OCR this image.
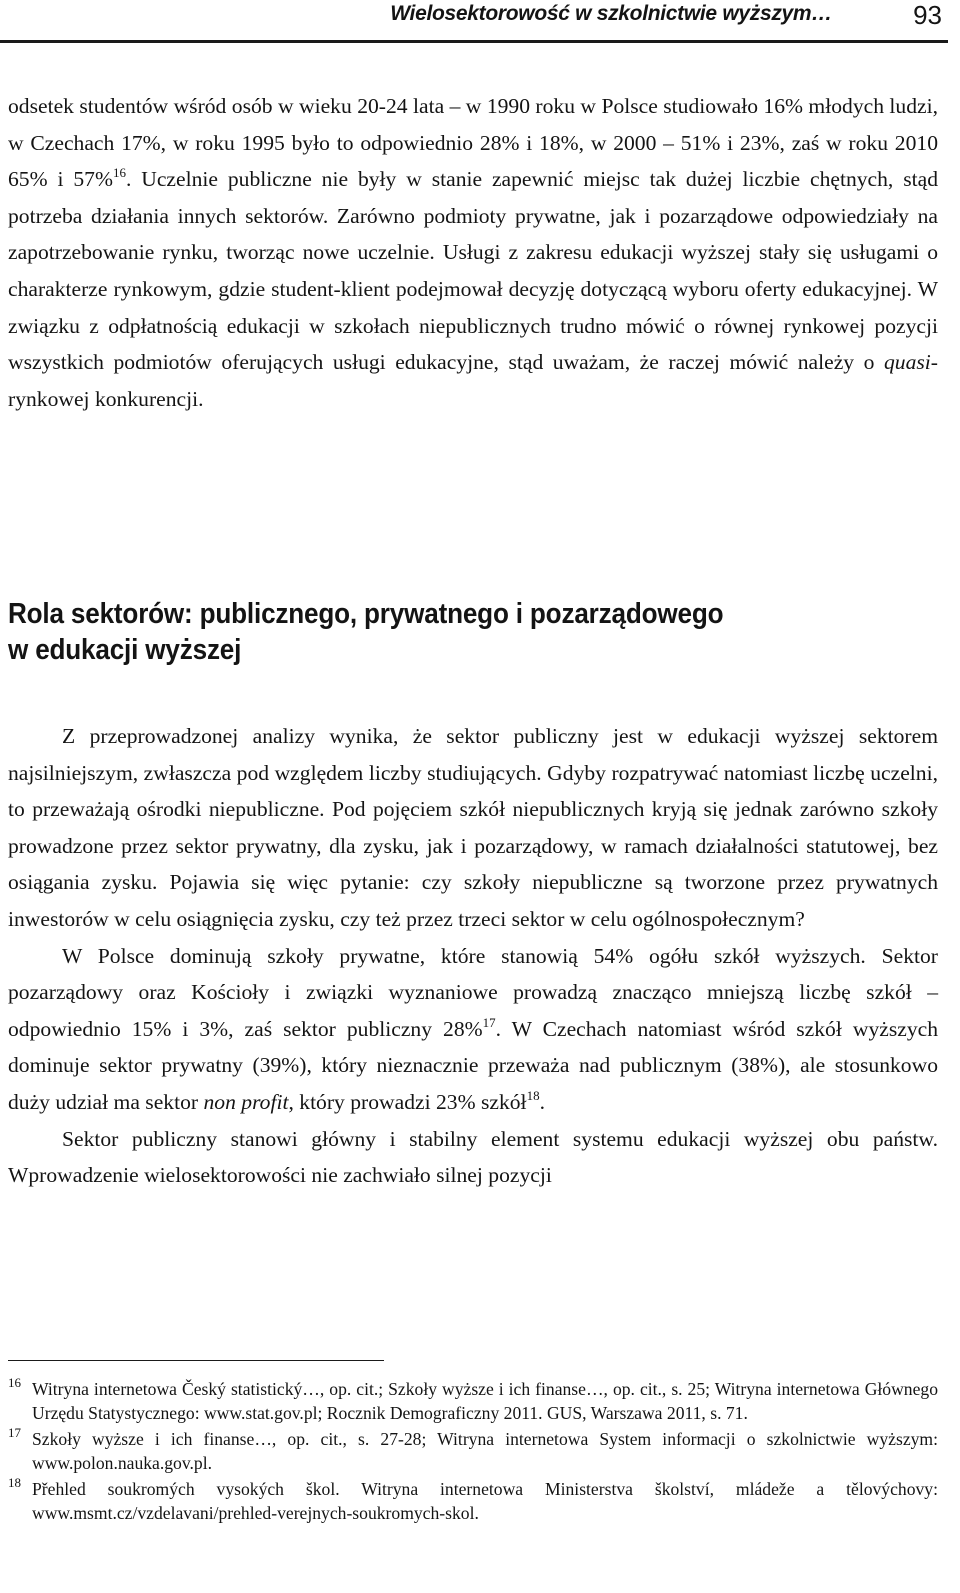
Wielosektorowość w szkolnictwie wyższym…	93

odsetek studentów wśród osób w wieku 20-24 lata – w 1990 roku w Polsce studiowało 16% młodych ludzi, w Czechach 17%, w roku 1995 było to odpowiednio 28% i 18%, w 2000 – 51% i 23%, zaś w roku 2010 65% i 57%$^{16}$. Uczelnie publiczne nie były w stanie zapewnić miejsc tak dużej liczbie chętnych, stąd potrzeba działania innych sektorów. Zarówno podmioty prywatne, jak i pozarządowe odpowiedziały na zapotrzebowanie rynku, tworząc nowe uczelnie. Usługi z zakresu edukacji wyższej stały się usługami o charakterze rynkowym, gdzie student-klient podejmował decyzję dotyczącą wyboru oferty edukacyjnej. W związku z odpłatnością edukacji w szkołach niepublicznych trudno mówić o równej rynkowej pozycji wszystkich podmiotów oferujących usługi edukacyjne, stąd uważam, że raczej mówić należy o quasi-rynkowej konkurencji.

Rola sektorów: publicznego, prywatnego i pozarządowego
w edukacji wyższej

Z przeprowadzonej analizy wynika, że sektor publiczny jest w edukacji wyższej sektorem najsilniejszym, zwłaszcza pod względem liczby studiujących. Gdyby rozpatrywać natomiast liczbę uczelni, to przeważają ośrodki niepubliczne. Pod pojęciem szkół niepublicznych kryją się jednak zarówno szkoły prowadzone przez sektor prywatny, dla zysku, jak i pozarządowy, w ramach działalności statutowej, bez osiągania zysku. Pojawia się więc pytanie: czy szkoły niepubliczne są tworzone przez prywatnych inwestorów w celu osiągnięcia zysku, czy też przez trzeci sektor w celu ogólnospołecznym?

W Polsce dominują szkoły prywatne, które stanowią 54% ogółu szkół wyższych. Sektor pozarządowy oraz Kościoły i związki wyznaniowe prowadzą znacząco mniejszą liczbę szkół – odpowiednio 15% i 3%, zaś sektor publiczny 28%$^{17}$. W Czechach natomiast wśród szkół wyższych dominuje sektor prywatny (39%), który nieznacznie przeważa nad publicznym (38%), ale stosunkowo duży udział ma sektor non profit, który prowadzi 23% szkół$^{18}$.

Sektor publiczny stanowi główny i stabilny element systemu edukacji wyższej obu państw. Wprowadzenie wielosektorowości nie zachwiało silnej pozycji

16 Witryna internetowa Český statistický…, op. cit.; Szkoły wyższe i ich finanse…, op. cit., s. 25; Witryna internetowa Głównego Urzędu Statystycznego: www.stat.gov.pl; Rocznik Demograficzny 2011. GUS, Warszawa 2011, s. 71.

17 Szkoły wyższe i ich finanse…, op. cit., s. 27-28; Witryna internetowa System informacji o szkolnictwie wyższym: www.polon.nauka.gov.pl.

18 Přehled soukromých vysokých škol. Witryna internetowa Ministerstva školství, mládeže a tělovýchovy: www.msmt.cz/vzdelavani/prehled-verejnych-soukromych-skol.
